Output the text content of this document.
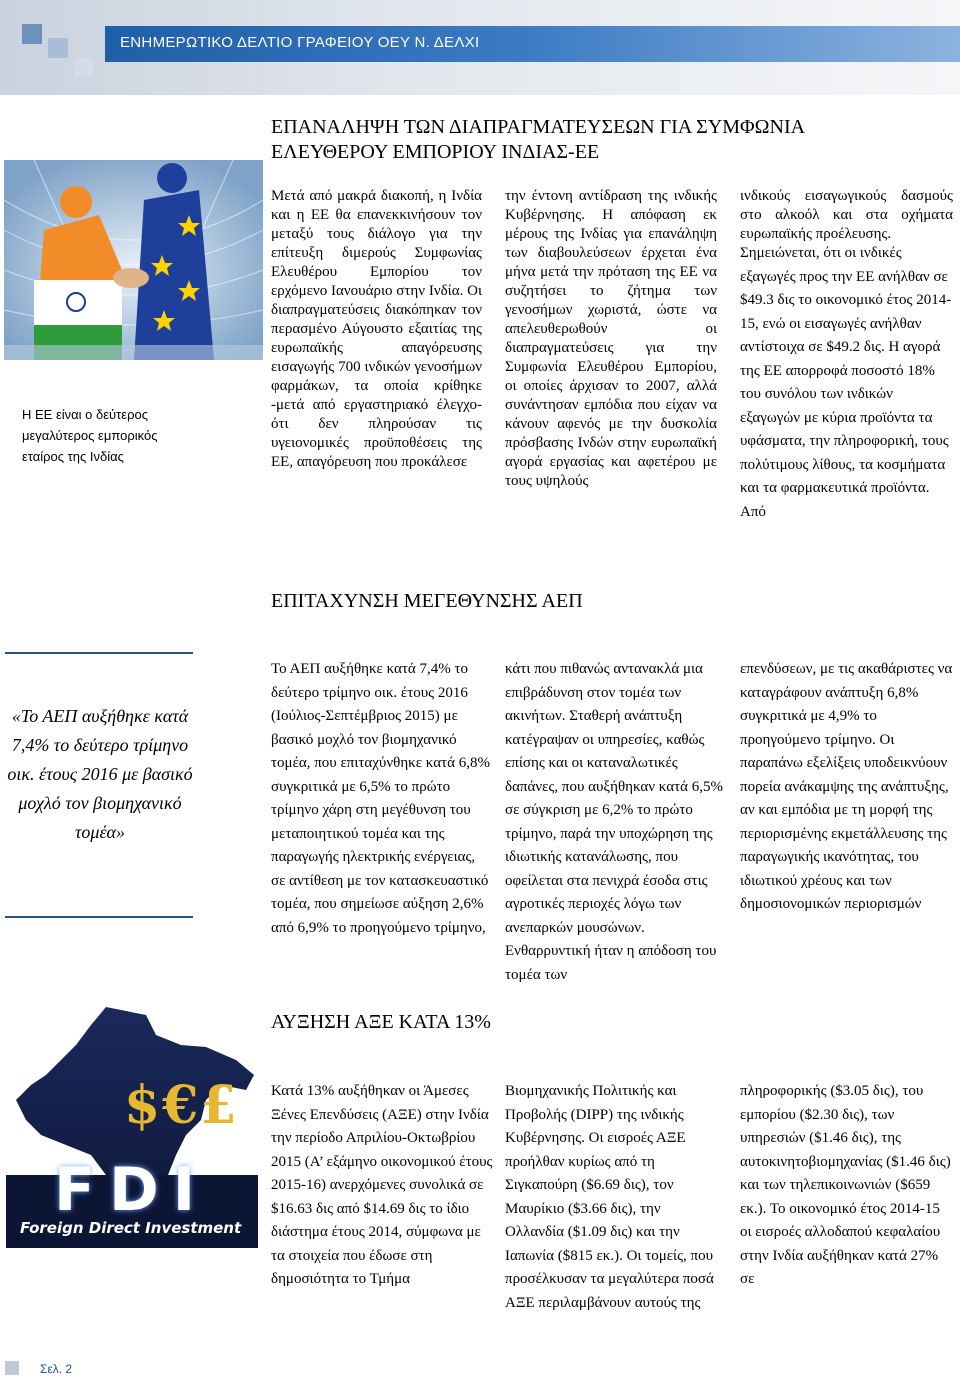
ΕΝΗΜΕΡΩΤΙΚΟ ΔΕΛΤΙΟ ΓΡΑΦΕΙΟΥ ΟΕΥ Ν. ΔΕΛΧΙ
ΕΠΑΝΑΛΗΨΗ ΤΩΝ ΔΙΑΠΡΑΓΜΑΤΕΥΣΕΩΝ ΓΙΑ ΣΥΜΦΩΝΙΑ
ΕΛΕΥΘΕΡΟΥ ΕΜΠΟΡΙΟΥ ΙΝΔΙΑΣ-ΕΕ
Η ΕΕ είναι ο δεύτερος μεγαλύτερος εμπορικός εταίρος της Ινδίας
Μετά από μακρά διακοπή, η Ινδία και η ΕΕ θα επανεκκινήσουν τον μεταξύ τους διάλογο για την επίτευξη διμερούς Συμφωνίας Ελευθέρου Εμπορίου τον ερχόμενο Ιανουάριο στην Ινδία. Οι διαπραγματεύσεις διακόπηκαν τον περασμένο Αύγουστο εξαιτίας της ευρωπαϊκής απαγόρευσης εισαγωγής 700 ινδικών γενοσήμων φαρμάκων, τα οποία κρίθηκε -μετά από εργαστηριακό έλεγχο- ότι δεν πληρούσαν τις υγειονομικές προϋποθέσεις της ΕΕ, απαγόρευση που προκάλεσε
την έντονη αντίδραση της ινδικής Κυβέρνησης. Η απόφαση εκ μέρους της Ινδίας για επανάληψη των διαβουλεύσεων έρχεται ένα μήνα μετά την πρόταση της ΕΕ να συζητήσει το ζήτημα των γενοσήμων χωριστά, ώστε να απελευθερωθούν οι διαπραγματεύσεις για την Συμφωνία Ελευθέρου Εμπορίου, οι οποίες άρχισαν το 2007, αλλά συνάντησαν εμπόδια που είχαν να κάνουν αφενός με την δυσκολία πρόσβασης Ινδών στην ευρωπαϊκή αγορά εργασίας και αφετέρου με τους υψηλούς
ινδικούς εισαγωγικούς δασμούς στο αλκοόλ και στα οχήματα ευρωπαϊκής προέλευσης.
Σημειώνεται, ότι οι ινδικές εξαγωγές προς την ΕΕ ανήλθαν σε $49.3 δις το οικονομικό έτος 2014-15, ενώ οι εισαγωγές ανήλθαν αντίστοιχα σε $49.2 δις. Η αγορά της ΕΕ απορροφά ποσοστό 18% του συνόλου των ινδικών εξαγωγών με κύρια προϊόντα τα υφάσματα, την πληροφορική, τους πολύτιμους λίθους, τα κοσμήματα και τα φαρμακευτικά προϊόντα. Από
ΕΠΙΤΑΧΥΝΣΗ ΜΕΓΕΘΥΝΣΗΣ ΑΕΠ
«Το ΑΕΠ αυξήθηκε κατά 7,4% το δεύτερο τρίμηνο οικ. έτους 2016 με βασικό μοχλό τον βιομηχανικό τομέα»
Το ΑΕΠ αυξήθηκε κατά 7,4% το δεύτερο τρίμηνο οικ. έτους 2016 (Ιούλιος-Σεπτέμβριος 2015) με βασικό μοχλό τον βιομηχανικό τομέα, που επιταχύνθηκε κατά 6,8% συγκριτικά με 6,5% το πρώτο τρίμηνο χάρη στη μεγέθυνση του μεταποιητικού τομέα και της παραγωγής ηλεκτρικής ενέργειας, σε αντίθεση με τον κατασκευαστικό τομέα, που σημείωσε αύξηση 2,6% από 6,9% το προηγούμενο τρίμηνο,
κάτι που πιθανώς αντανακλά μια επιβράδυνση στον τομέα των ακινήτων. Σταθερή ανάπτυξη κατέγραψαν οι υπηρεσίες, καθώς επίσης και οι καταναλωτικές δαπάνες, που αυξήθηκαν κατά 6,5% σε σύγκριση με 6,2% το πρώτο τρίμηνο, παρά την υποχώρηση της ιδιωτικής κατανάλωσης, που οφείλεται στα πενιχρά έσοδα στις αγροτικές περιοχές λόγω των ανεπαρκών μουσώνων. Ενθαρρυντική ήταν η απόδοση του τομέα των
επενδύσεων, με τις ακαθάριστες να καταγράφουν ανάπτυξη 6,8% συγκριτικά με 4,9% το προηγούμενο τρίμηνο. Οι παραπάνω εξελίξεις υποδεικνύουν πορεία ανάκαμψης της ανάπτυξης, αν και εμπόδια με τη μορφή της περιορισμένης εκμετάλλευσης της παραγωγικής ικανότητας, του ιδιωτικού χρέους και των δημοσιονομικών περιορισμών
ΑΥΞΗΣΗ ΑΞΕ ΚΑΤΑ 13%
$€£
FDI
Foreign Direct Investment
Κατά 13% αυξήθηκαν οι Άμεσες Ξένες Επενδύσεις (ΑΞΕ) στην Ινδία την περίοδο Απριλίου-Οκτωβρίου 2015 (Α’ εξάμηνο οικονομικού έτους 2015-16) ανερχόμενες συνολικά σε $16.63 δις από $14.69 δις το ίδιο διάστημα έτους 2014, σύμφωνα με τα στοιχεία που έδωσε στη δημοσιότητα το Τμήμα
Βιομηχανικής Πολιτικής και Προβολής (DIPP) της ινδικής Κυβέρνησης. Οι εισροές ΑΞΕ προήλθαν κυρίως από τη Σιγκαπούρη ($6.69 δις), τον Μαυρίκιο ($3.66 δις), την Ολλανδία ($1.09 δις) και την Ιαπωνία ($815 εκ.). Οι τομείς, που προσέλκυσαν τα μεγαλύτερα ποσά ΑΞΕ περιλαμβάνουν αυτούς της
πληροφορικής ($3.05 δις), του εμπορίου ($2.30 δις), των υπηρεσιών ($1.46 δις), της αυτοκινητοβιομηχανίας ($1.46 δις) και των τηλεπικοινωνιών ($659 εκ.). Το οικονομικό έτος 2014-15 οι εισροές αλλοδαπού κεφαλαίου στην Ινδία αυξήθηκαν κατά 27% σε
Σελ. 2
